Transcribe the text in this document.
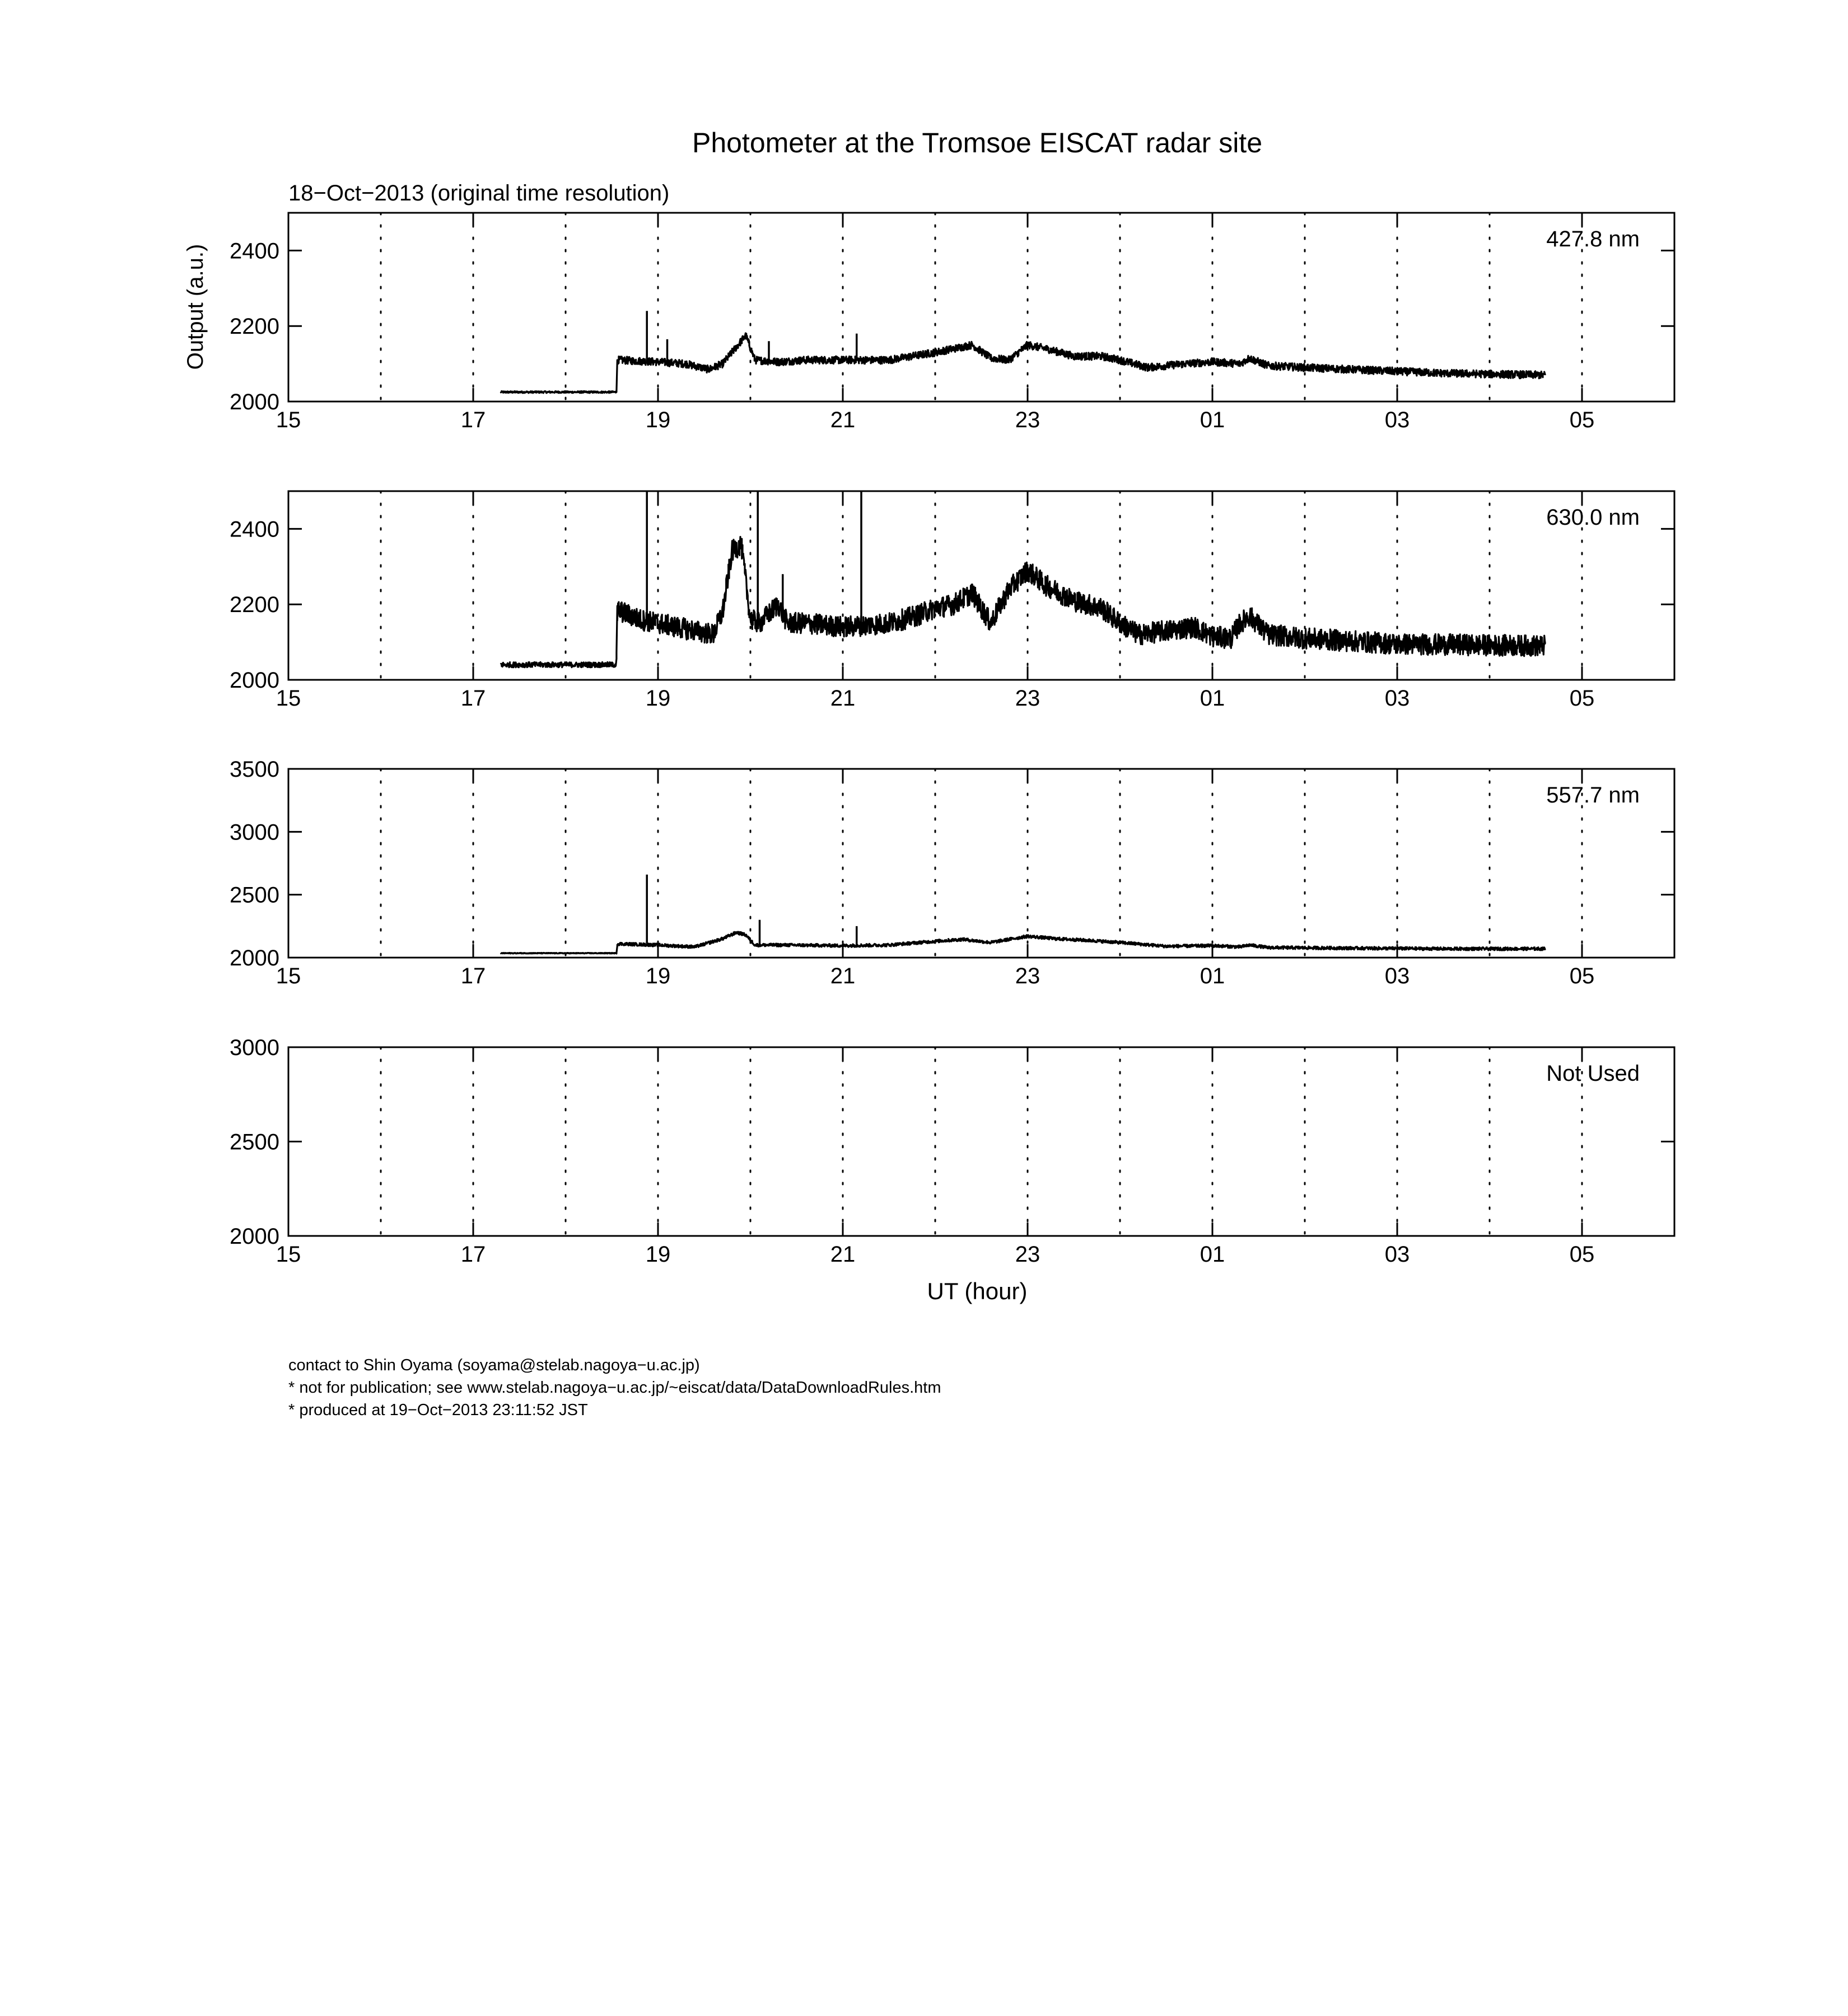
Photometer at the Tromsoe EISCAT radar site
18−Oct−2013 (original time resolution)
Output (a.u.)
UT (hour)
15	17	19	21	23	01	03	05
2000
2200
2400	427.8 nm
15	17	19	21	23	01	03	05
2000
2200
2400	630.0 nm
15	17	19	21	23	01	03	05
2000
2500
3000
3500
557.7 nm
15	17	19	21	23	01	03	05
2000
2500
3000
Not Used
contact to Shin Oyama (soyama@stelab.nagoya−u.ac.jp)
* not for publication; see www.stelab.nagoya−u.ac.jp/~eiscat/data/DataDownloadRules.htm
* produced at 19−Oct−2013 23:11:52 JST
